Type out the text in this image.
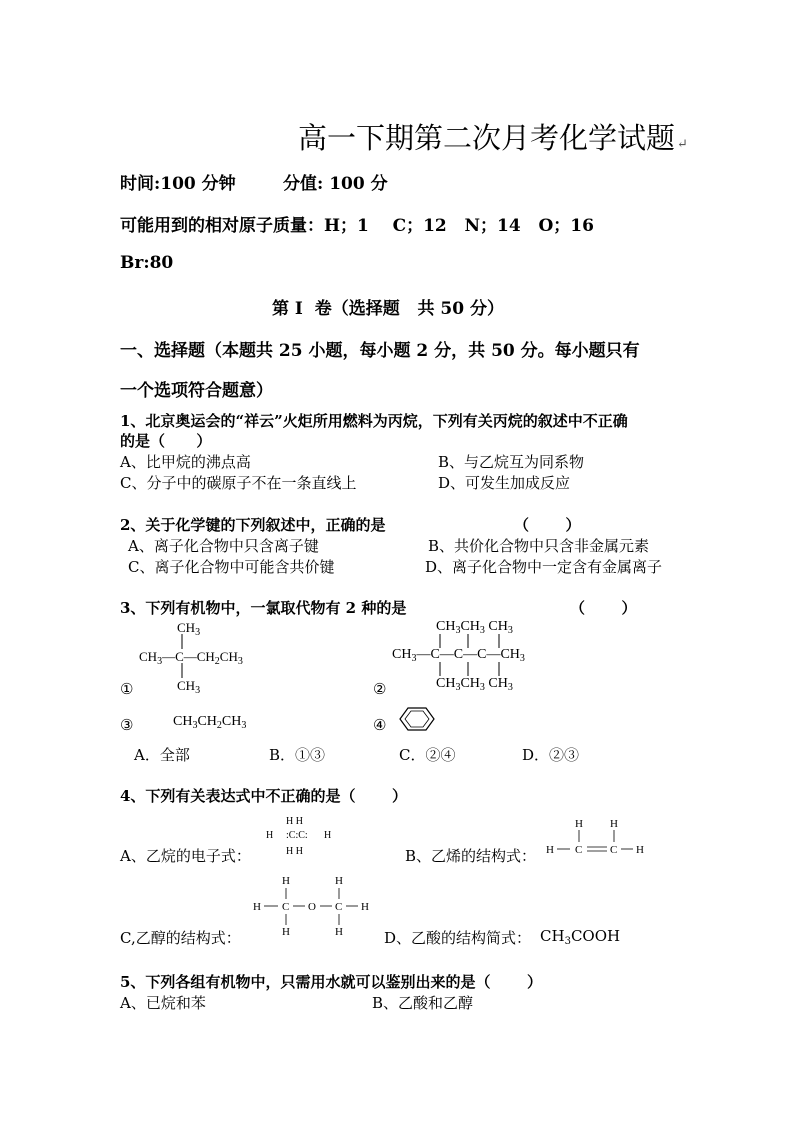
高一下期第二次月考化学试题 ↵
时间:100 分钟	分值: 100 分
可能用到的相对原子质量：H；1    C；12   N；14   O；16
Br:80
第 I  卷（选择题   共 50 分）
一、选择题（本题共 25 小题，每小题 2 分，共 50 分。每小题只有
一个选项符合题意）
1、北京奥运会的“祥云”火炬所用燃料为丙烷，下列有关丙烷的叙述中不正确
的是（      ）
A、比甲烷的沸点高	B、与乙烷互为同系物
C、分子中的碳原子不在一条直线上	D、可发生加成反应
2、关于化学键的下列叙述中，正确的是	（       ）
A、离子化合物中只含离子键	B、共价化合物中只含非金属元素
C、离子化合物中可能含共价键	D、离子化合物中一定含有金属离子
3、下列有机物中，一氯取代物有 2 种的是	（       ）
H H
H :C:C: H
H H
H H
H C	C H
H	H
H C O C H
H	H
$CH_3$
$CH_3—C—CH_2CH_3$
$CH_3$
$CH_3CH_3$ $CH_3$
$CH_3—C—C—C—CH_3$
$CH_3CH_3$ $CH_3$
①	②
③	$CH_3CH_2CH_3$	④
A．全部	B．①③	C．②④	D．②③
4、下列有关表达式中不正确的是（       ）
A、乙烷的电子式：	B、乙烯的结构式：
C,乙醇的结构式：	D、乙酸的结构简式： $CH_3COOH$
5、下列各组有机物中，只需用水就可以鉴别出来的是（       ）
A、已烷和苯	B、乙酸和乙醇
